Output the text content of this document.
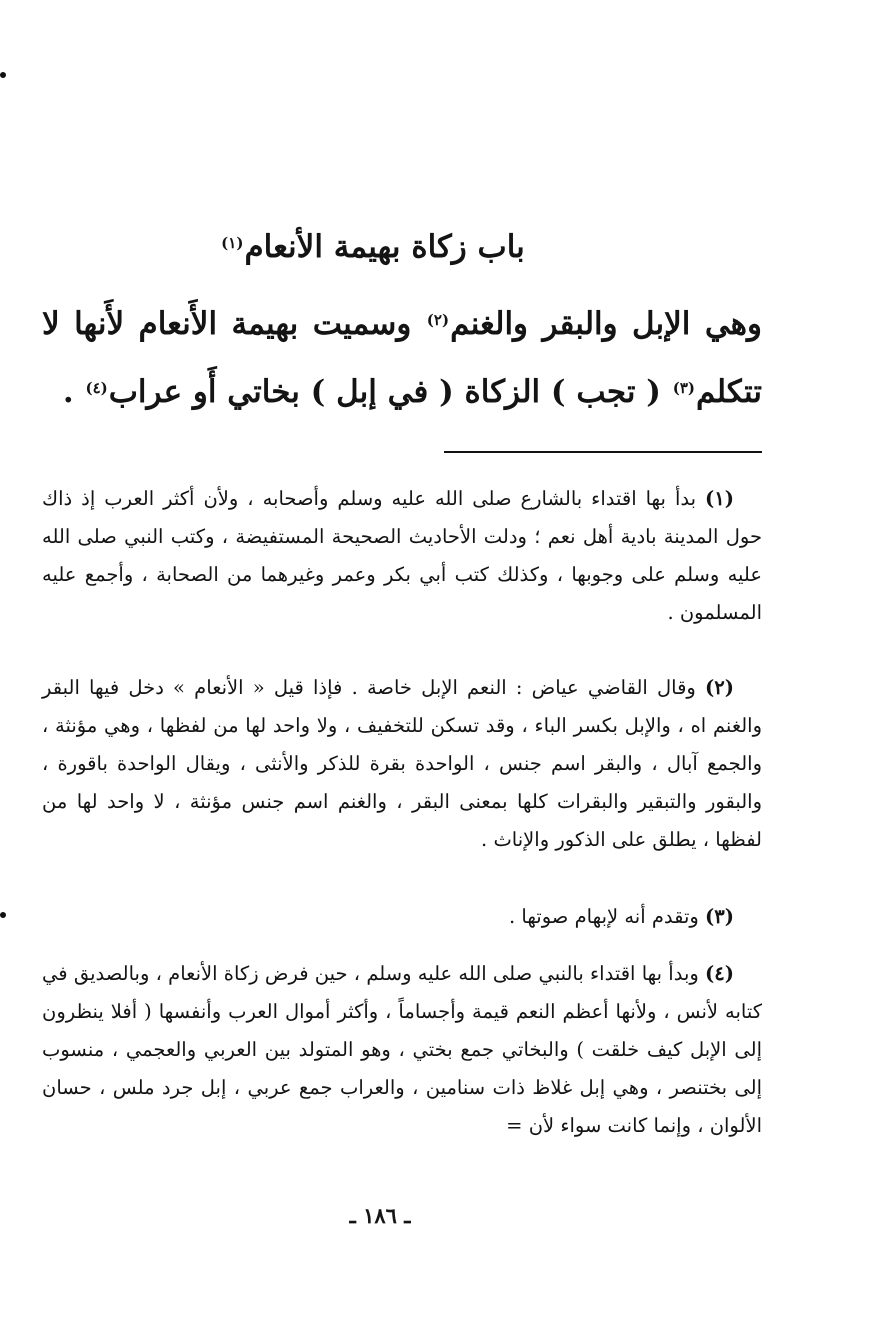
باب زكاة بهيمة الأنعام$^{(١)}$
وهي الإبل والبقر والغنم$^{(٢)}$ وسميت بهيمة الأَنعام لأَنها لا
تتكلم$^{(٣)}$ ( تجب ) الزكاة ( في إبل ) بخاتي أَو عراب$^{(٤)}$ .

(١) بدأ بها اقتداء بالشارع صلى الله عليه وسلم وأصحابه ، ولأن أكثر العرب إذ ذاك حول المدينة بادية أهل نعم ؛ ودلت الأحاديث الصحيحة المستفيضة ، وكتب النبي صلى الله عليه وسلم على وجوبها ، وكذلك كتب أبي بكر وعمر وغيرهما من الصحابة ، وأجمع عليه المسلمون .

(٢) وقال القاضي عياض : النعم الإبل خاصة . فإذا قيل « الأنعام » دخل فيها البقر والغنم اه ، والإبل بكسر الباء ، وقد تسكن للتخفيف ، ولا واحد لها من لفظها ، وهي مؤنثة ، والجمع آبال ، والبقر اسم جنس ، الواحدة بقرة للذكر والأنثى ، ويقال الواحدة باقورة ، والبقور والتبقير والبقرات كلها بمعنى البقر ، والغنم اسم جنس مؤنثة ، لا واحد لها من لفظها ، يطلق على الذكور والإناث .

(٣) وتقدم أنه لإبهام صوتها .

(٤) وبدأ بها اقتداء بالنبي صلى الله عليه وسلم ، حين فرض زكاة الأنعام ، وبالصديق في كتابه لأنس ، ولأنها أعظم النعم قيمة وأجساماً ، وأكثر أموال العرب وأنفسها ( أفلا ينظرون إلى الإبل كيف خلقت ) والبخاتي جمع بختي ، وهو المتولد بين العربي والعجمي ، منسوب إلى بختنصر ، وهي إبل غلاظ ذات سنامين ، والعراب جمع عربي ، إبل جرد ملس ، حسان الألوان ، وإنما كانت سواء لأن =

ـ ١٨٦ ـ
